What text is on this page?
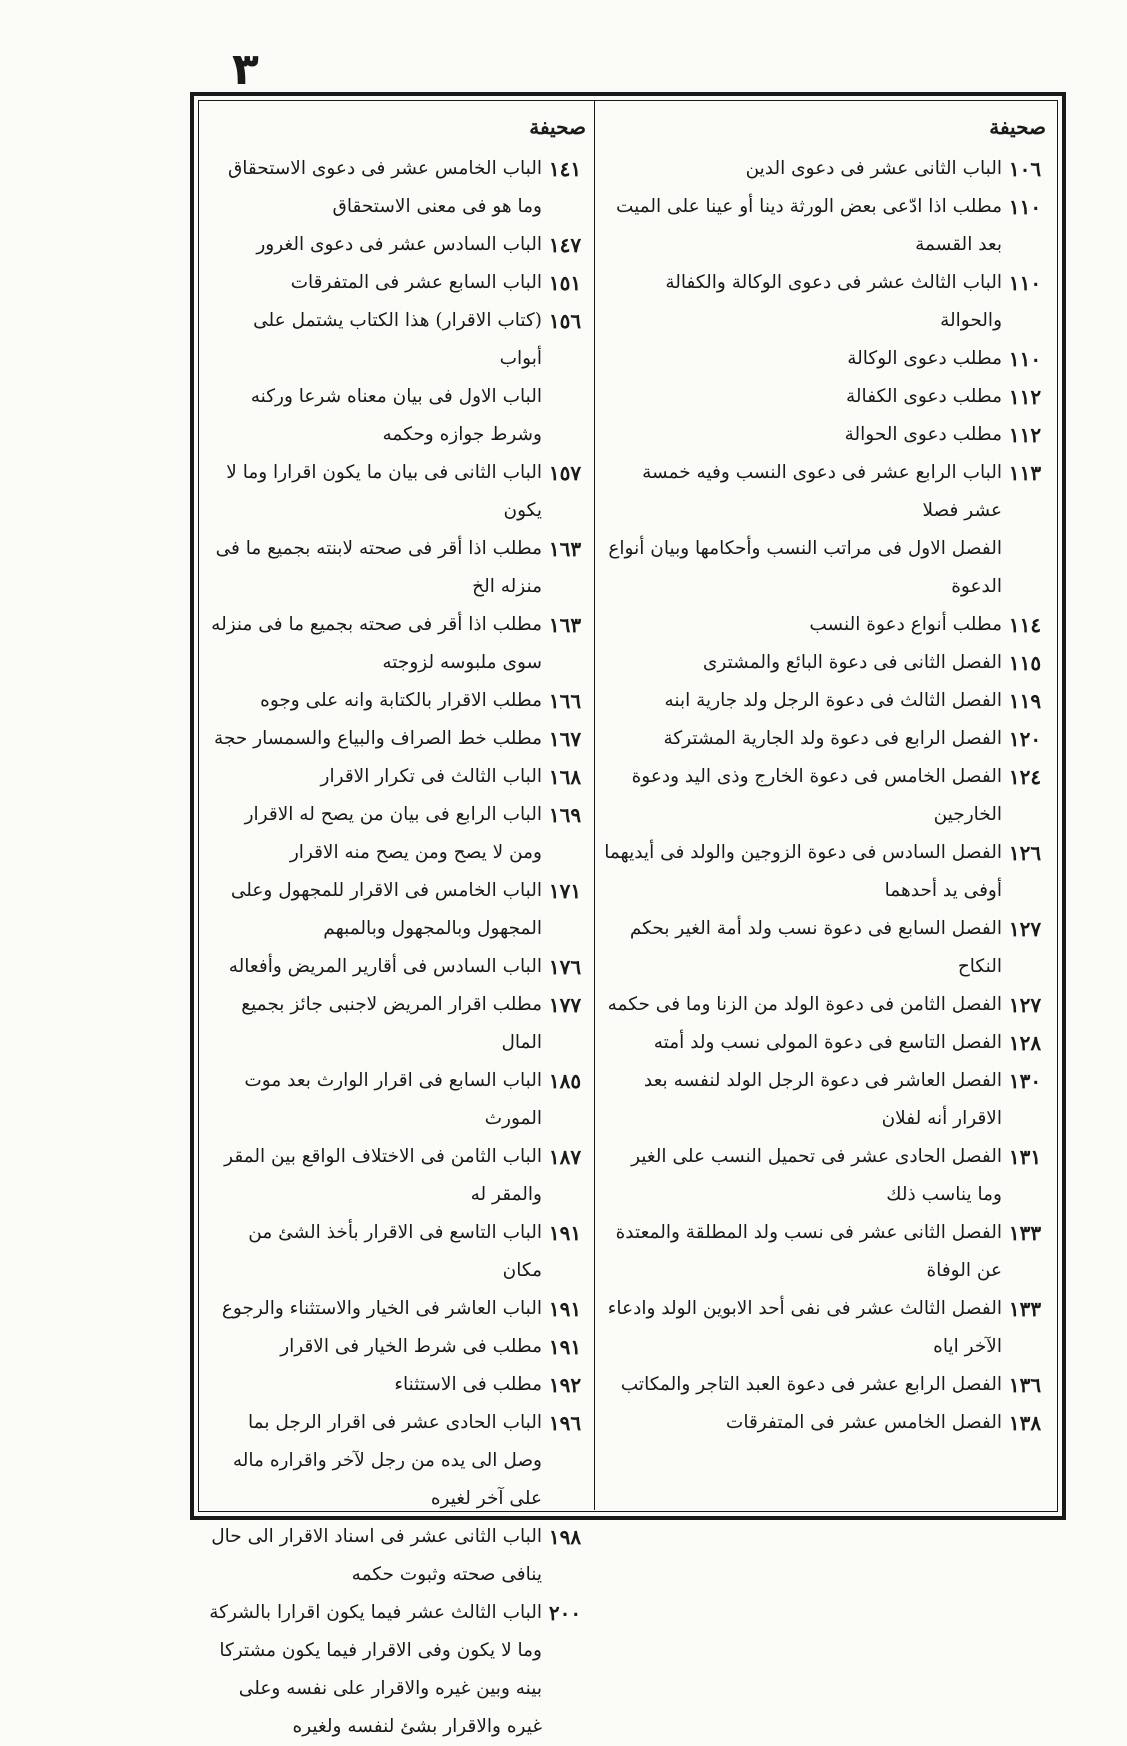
٣
صحيفة
١٠٦
الباب الثانى عشر فى دعوى الدين
١١٠
مطلب اذا ادّعى بعض الورثة دينا أو عينا على الميت بعد القسمة
١١٠
الباب الثالث عشر فى دعوى الوكالة والكفالة والحوالة
١١٠
مطلب دعوى الوكالة
١١٢
مطلب دعوى الكفالة
١١٢
مطلب دعوى الحوالة
١١٣
الباب الرابع عشر فى دعوى النسب وفيه خمسة عشر فصلا
الفصل الاول فى مراتب النسب وأحكامها وبيان أنواع الدعوة
١١٤
مطلب أنواع دعوة النسب
١١٥
الفصل الثانى فى دعوة البائع والمشترى
١١٩
الفصل الثالث فى دعوة الرجل ولد جارية ابنه
١٢٠
الفصل الرابع فى دعوة ولد الجارية المشتركة
١٢٤
الفصل الخامس فى دعوة الخارج وذى اليد ودعوة الخارجين
١٢٦
الفصل السادس فى دعوة الزوجين والولد فى أيديهما أوفى يد أحدهما
١٢٧
الفصل السابع فى دعوة نسب ولد أمة الغير بحكم النكاح
١٢٧
الفصل الثامن فى دعوة الولد من الزنا وما فى حكمه
١٢٨
الفصل التاسع فى دعوة المولى نسب ولد أمته
١٣٠
الفصل العاشر فى دعوة الرجل الولد لنفسه بعد الاقرار أنه لفلان
١٣١
الفصل الحادى عشر فى تحميل النسب على الغير وما يناسب ذلك
١٣٣
الفصل الثانى عشر فى نسب ولد المطلقة والمعتدة عن الوفاة
١٣٣
الفصل الثالث عشر فى نفى أحد الابوين الولد وادعاء الآخر اياه
١٣٦
الفصل الرابع عشر فى دعوة العبد التاجر والمكاتب
١٣٨
الفصل الخامس عشر فى المتفرقات
صحيفة
١٤١
الباب الخامس عشر فى دعوى الاستحقاق وما هو فى معنى الاستحقاق
١٤٧
الباب السادس عشر فى دعوى الغرور
١٥١
الباب السابع عشر فى المتفرقات
١٥٦
(كتاب الاقرار) هذا الكتاب يشتمل على أبواب
الباب الاول فى بيان معناه شرعا وركنه وشرط جوازه وحكمه
١٥٧
الباب الثانى فى بيان ما يكون اقرارا وما لا يكون
١٦٣
مطلب اذا أقر فى صحته لابنته بجميع ما فى منزله الخ
١٦٣
مطلب اذا أقر فى صحته بجميع ما فى منزله سوى ملبوسه لزوجته
١٦٦
مطلب الاقرار بالكتابة وانه على وجوه
١٦٧
مطلب خط الصراف والبياع والسمسار حجة
١٦٨
الباب الثالث فى تكرار الاقرار
١٦٩
الباب الرابع فى بيان من يصح له الاقرار ومن لا يصح ومن يصح منه الاقرار
١٧١
الباب الخامس فى الاقرار للمجهول وعلى المجهول وبالمجهول وبالمبهم
١٧٦
الباب السادس فى أقارير المريض وأفعاله
١٧٧
مطلب اقرار المريض لاجنبى جائز بجميع المال
١٨٥
الباب السابع فى اقرار الوارث بعد موت المورث
١٨٧
الباب الثامن فى الاختلاف الواقع بين المقر والمقر له
١٩١
الباب التاسع فى الاقرار بأخذ الشئ من مكان
١٩١
الباب العاشر فى الخيار والاستثناء والرجوع
١٩١
مطلب فى شرط الخيار فى الاقرار
١٩٢
مطلب فى الاستثناء
١٩٦
الباب الحادى عشر فى اقرار الرجل بما وصل الى يده من رجل لآخر واقراره ماله على آخر لغيره
١٩٨
الباب الثانى عشر فى اسناد الاقرار الى حال ينافى صحته وثبوت حكمه
٢٠٠
الباب الثالث عشر فيما يكون اقرارا بالشركة وما لا يكون وفى الاقرار فيما يكون مشتركا بينه وبين غيره والاقرار على نفسه وعلى غيره والاقرار بشئ لنفسه ولغيره
